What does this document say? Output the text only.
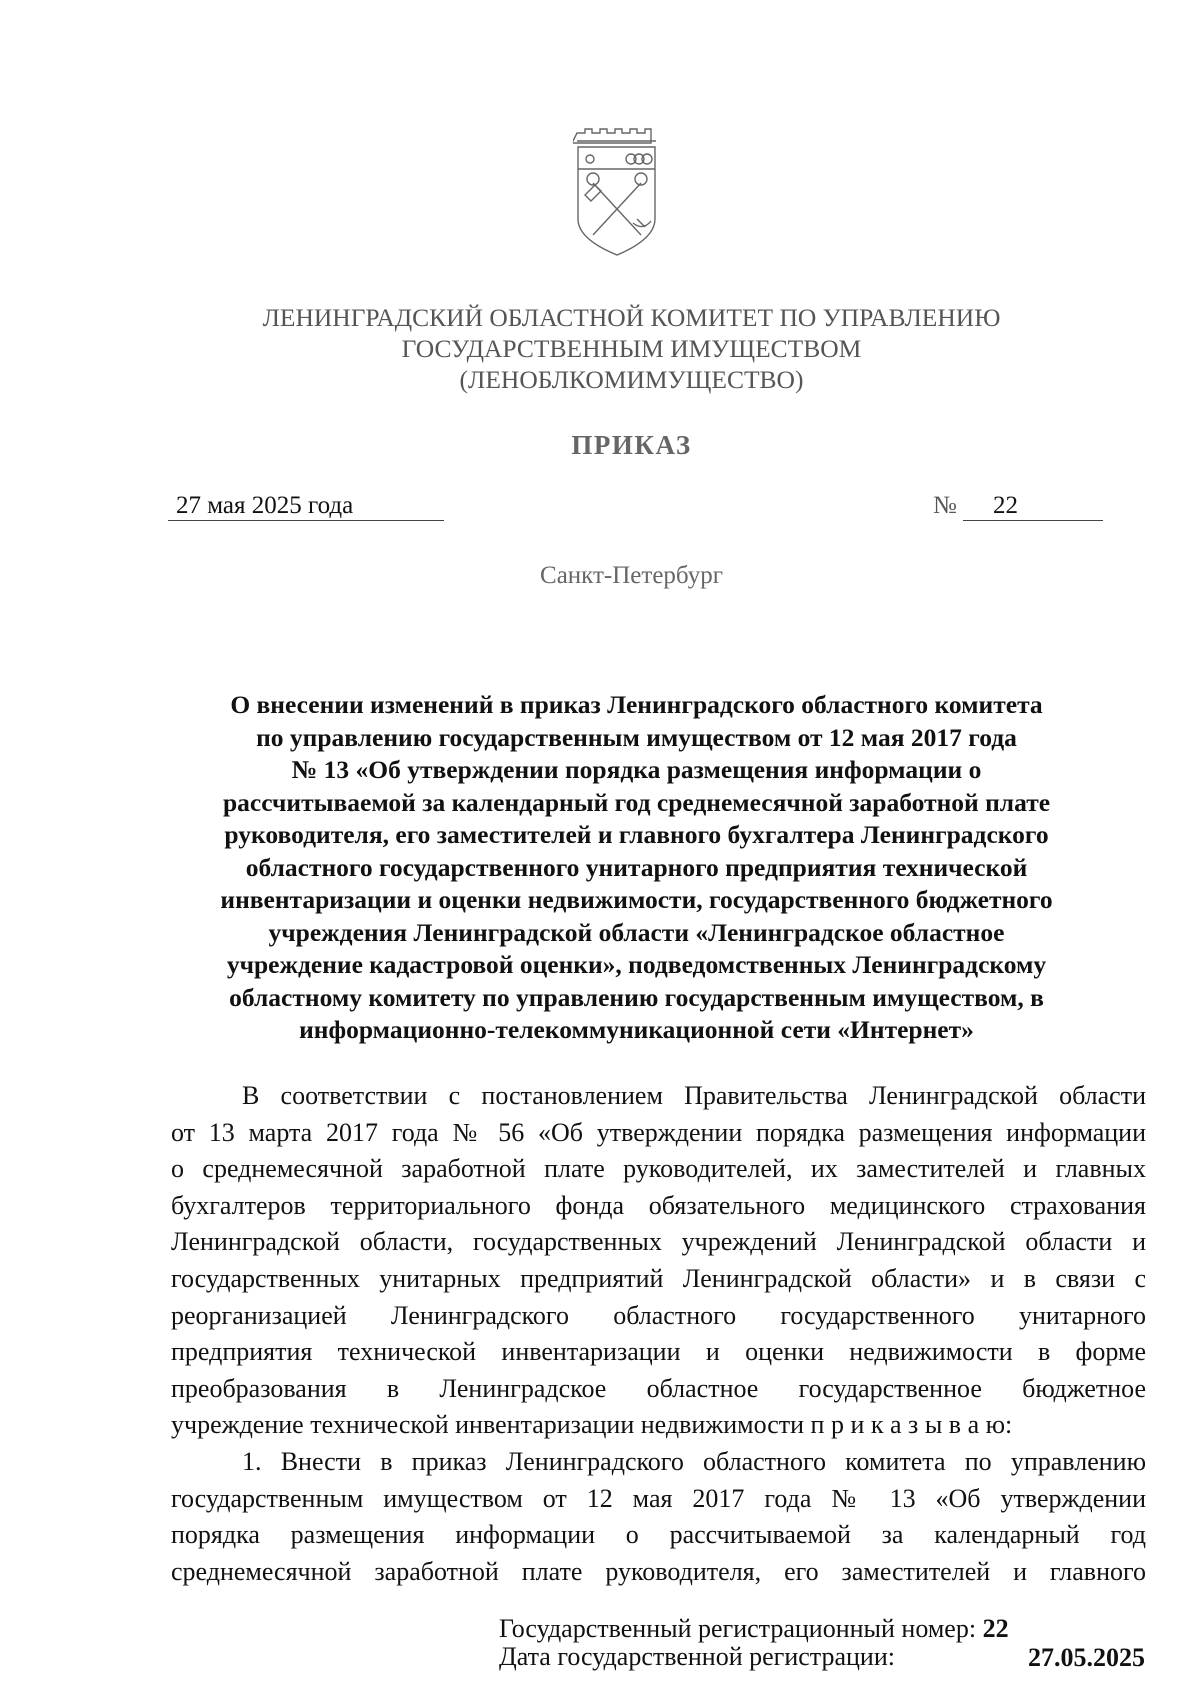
ЛЕНИНГРАДСКИЙ ОБЛАСТНОЙ КОМИТЕТ ПО УПРАВЛЕНИЮ
ГОСУДАРСТВЕННЫМ ИМУЩЕСТВОМ
(ЛЕНОБЛКОМИМУЩЕСТВО)
ПРИКАЗ
27 мая 2025 года	№ 22
Санкт-Петербург
О внесении изменений в приказ Ленинградского областного комитета
по управлению государственным имуществом от 12 мая 2017 года
№ 13 «Об утверждении порядка размещения информации о
рассчитываемой за календарный год среднемесячной заработной плате
руководителя, его заместителей и главного бухгалтера Ленинградского
областного государственного унитарного предприятия технической
инвентаризации и оценки недвижимости, государственного бюджетного
учреждения Ленинградской области «Ленинградское областное
учреждение кадастровой оценки», подведомственных Ленинградскому
областному комитету по управлению государственным имуществом, в
информационно-телекоммуникационной сети «Интернет»
В соответствии с постановлением Правительства Ленинградской области
от 13 марта 2017 года № 56 «Об утверждении порядка размещения информации
о среднемесячной заработной плате руководителей, их заместителей и главных
бухгалтеров территориального фонда обязательного медицинского страхования
Ленинградской области, государственных учреждений Ленинградской области и
государственных унитарных предприятий Ленинградской области» и в связи с
реорганизацией Ленинградского областного государственного унитарного
предприятия технической инвентаризации и оценки недвижимости в форме
преобразования в Ленинградское областное государственное бюджетное
учреждение технической инвентаризации недвижимости п р и к а з ы в а ю:
1. Внести в приказ Ленинградского областного комитета по управлению
государственным имуществом от 12 мая 2017 года № 13 «Об утверждении
порядка размещения информации о рассчитываемой за календарный год
среднемесячной заработной плате руководителя, его заместителей и главного
Государственный регистрационный номер: 22
Дата государственной регистрации:	27.05.2025
